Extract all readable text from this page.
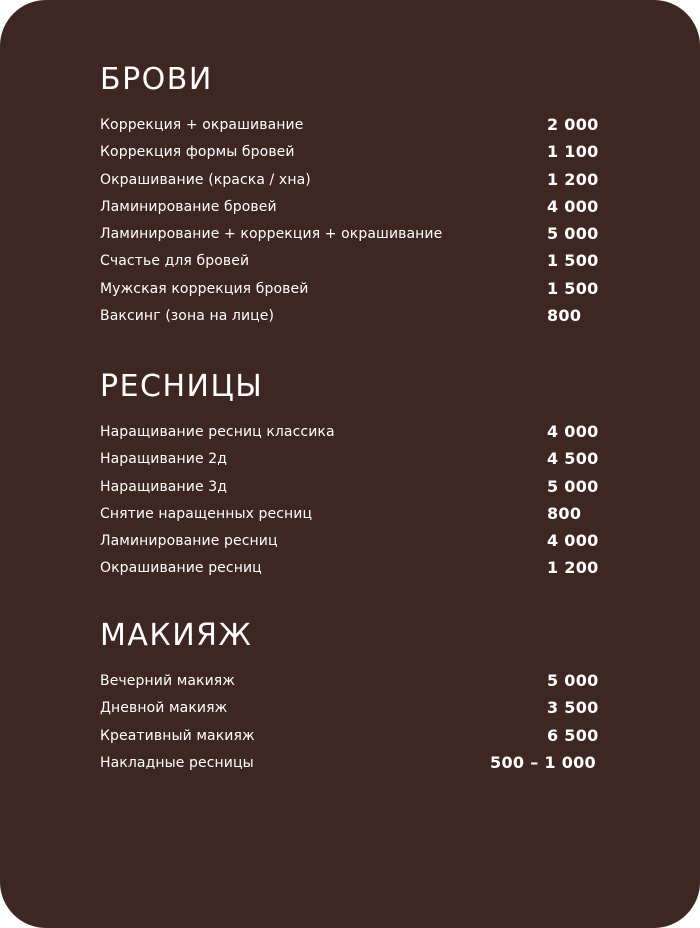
БРОВИ
Коррекция + окрашивание	2 000
Коррекция формы бровей	1 100
Окрашивание (краска / хна)	1 200
Ламинирование бровей	4 000
Ламинирование + коррекция + окрашивание	5 000
Счастье для бровей	1 500
Мужская коррекция бровей	1 500
Ваксинг (зона на лице)	800
РЕСНИЦЫ
Наращивание ресниц классика	4 000
Наращивание 2д	4 500
Наращивание 3д	5 000
Снятие нарaщенных ресниц	800
Ламинирование ресниц	4 000
Окрашивание ресниц	1 200
МАКИЯЖ
Вечерний макияж	5 000
Дневной макияж	3 500
Креативный макияж	6 500
Накладные ресницы	500 – 1 000
